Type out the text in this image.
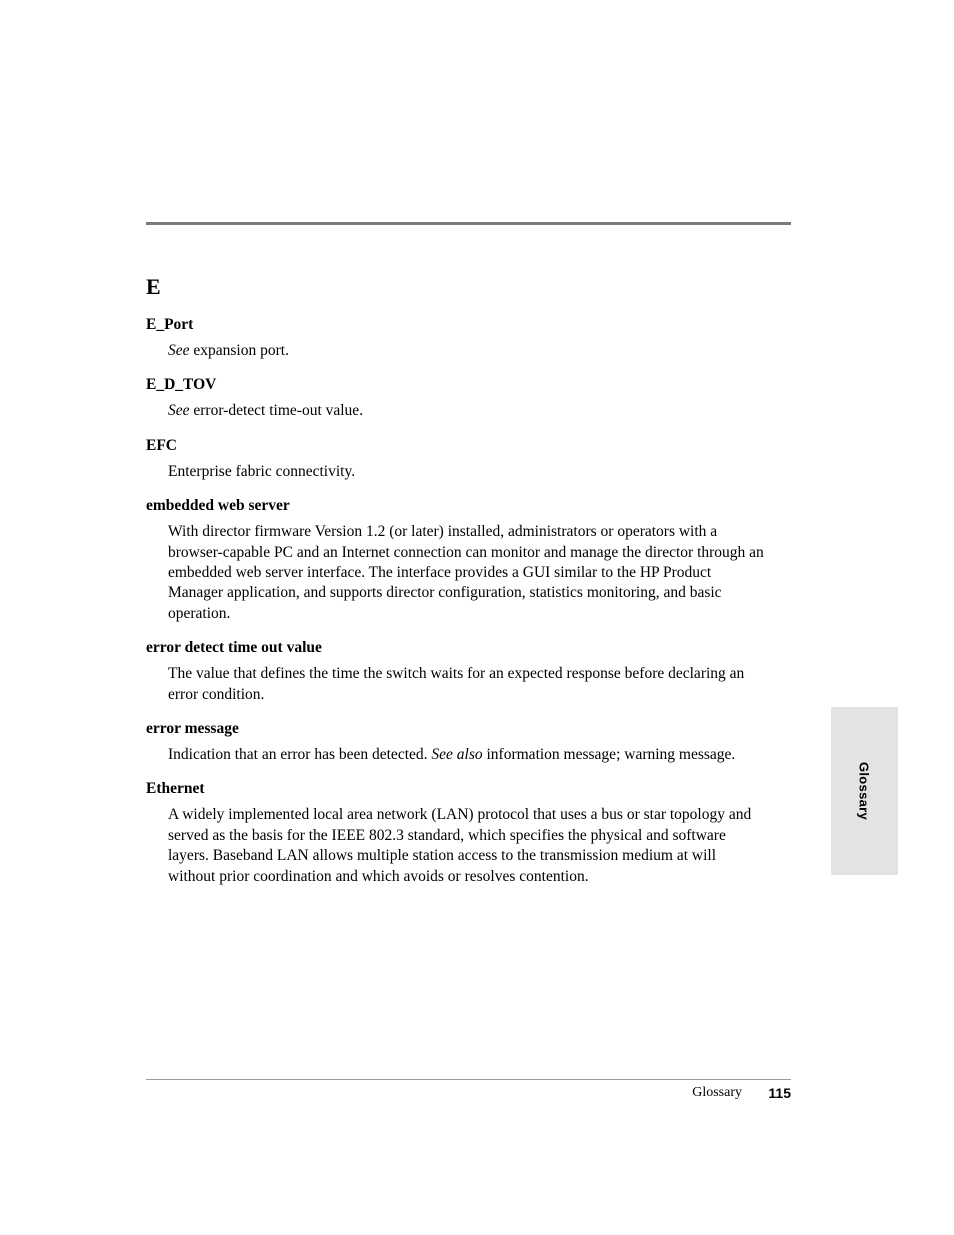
E
E_Port

See expansion port.

E_D_TOV

See error-detect time-out value.

EFC

Enterprise fabric connectivity.

embedded web server

With director firmware Version 1.2 (or later) installed, administrators or operators with a browser-capable PC and an Internet connection can monitor and manage the director through an embedded web server interface. The interface provides a GUI similar to the HP Product Manager application, and supports director configuration, statistics monitoring, and basic operation.

error detect time out value

The value that defines the time the switch waits for an expected response before declaring an error condition.

error message

Indication that an error has been detected. See also information message; warning message.

Ethernet

A widely implemented local area network (LAN) protocol that uses a bus or star topology and served as the basis for the IEEE 802.3 standard, which specifies the physical and software layers. Baseband LAN allows multiple station access to the transmission medium at will without prior coordination and which avoids or resolves contention.

Glossary
Glossary 115
